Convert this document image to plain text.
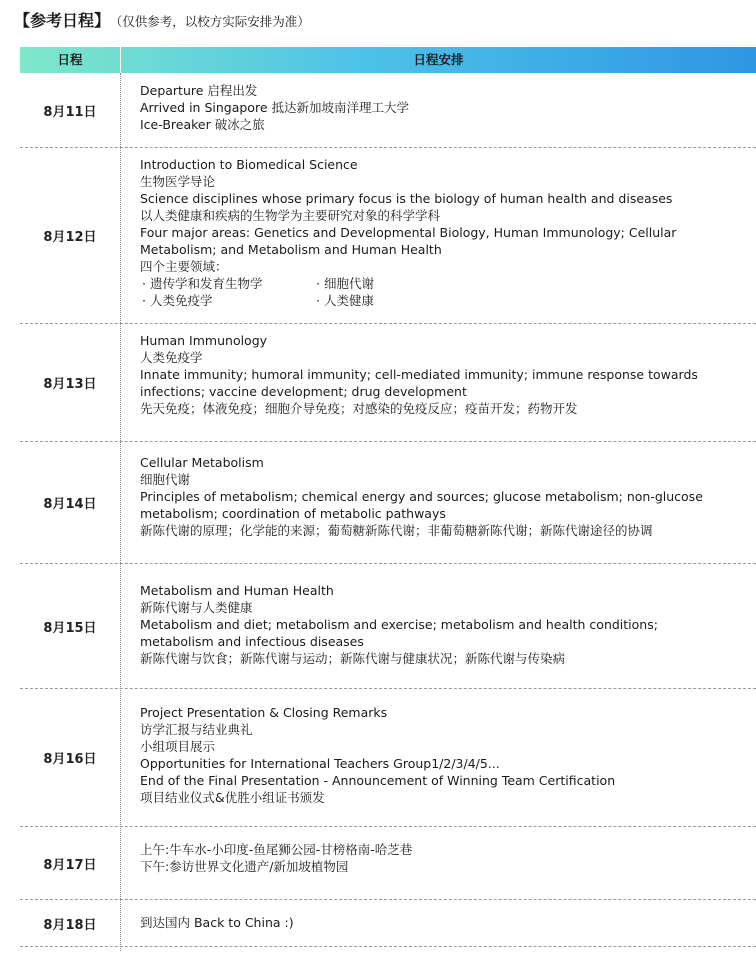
【参考日程】 （仅供参考，以校方实际安排为准）
日程	日程安排
8月11日
Departure 启程出发
Arrived in Singapore 抵达新加坡南洋理工大学
Ice-Breaker 破冰之旅
8月12日
Introduction to Biomedical Science
生物医学导论
Science disciplines whose primary focus is the biology of human health and diseases
以人类健康和疾病的生物学为主要研究对象的科学学科
Four major areas: Genetics and Developmental Biology, Human Immunology; Cellular
Metabolism; and Metabolism and Human Health
四个主要领域：
· 遗传学和发育生物学	· 细胞代谢
· 人类免疫学	· 人类健康
8月13日
Human Immunology
人类免疫学
Innate immunity; humoral immunity; cell-mediated immunity; immune response towards
infections; vaccine development; drug development
先天免疫；体液免疫；细胞介导免疫；对感染的免疫反应；疫苗开发；药物开发
8月14日
Cellular Metabolism
细胞代谢
Principles of metabolism; chemical energy and sources; glucose metabolism; non-glucose
metabolism; coordination of metabolic pathways
新陈代谢的原理；化学能的来源；葡萄糖新陈代谢；非葡萄糖新陈代谢；新陈代谢途径的协调
8月15日
Metabolism and Human Health
新陈代谢与人类健康
Metabolism and diet; metabolism and exercise; metabolism and health conditions;
metabolism and infectious diseases
新陈代谢与饮食；新陈代谢与运动；新陈代谢与健康状况；新陈代谢与传染病
8月16日
Project Presentation & Closing Remarks
访学汇报与结业典礼
小组项目展示
Opportunities for International Teachers Group1/2/3/4/5...
End of the Final Presentation - Announcement of Winning Team Certification
项目结业仪式&优胜小组证书颁发
8月17日
上午:牛车水-小印度-鱼尾狮公园-甘榜格南-哈芝巷
下午:参访世界文化遗产/新加坡植物园
8月18日	到达国内 Back to China :)
